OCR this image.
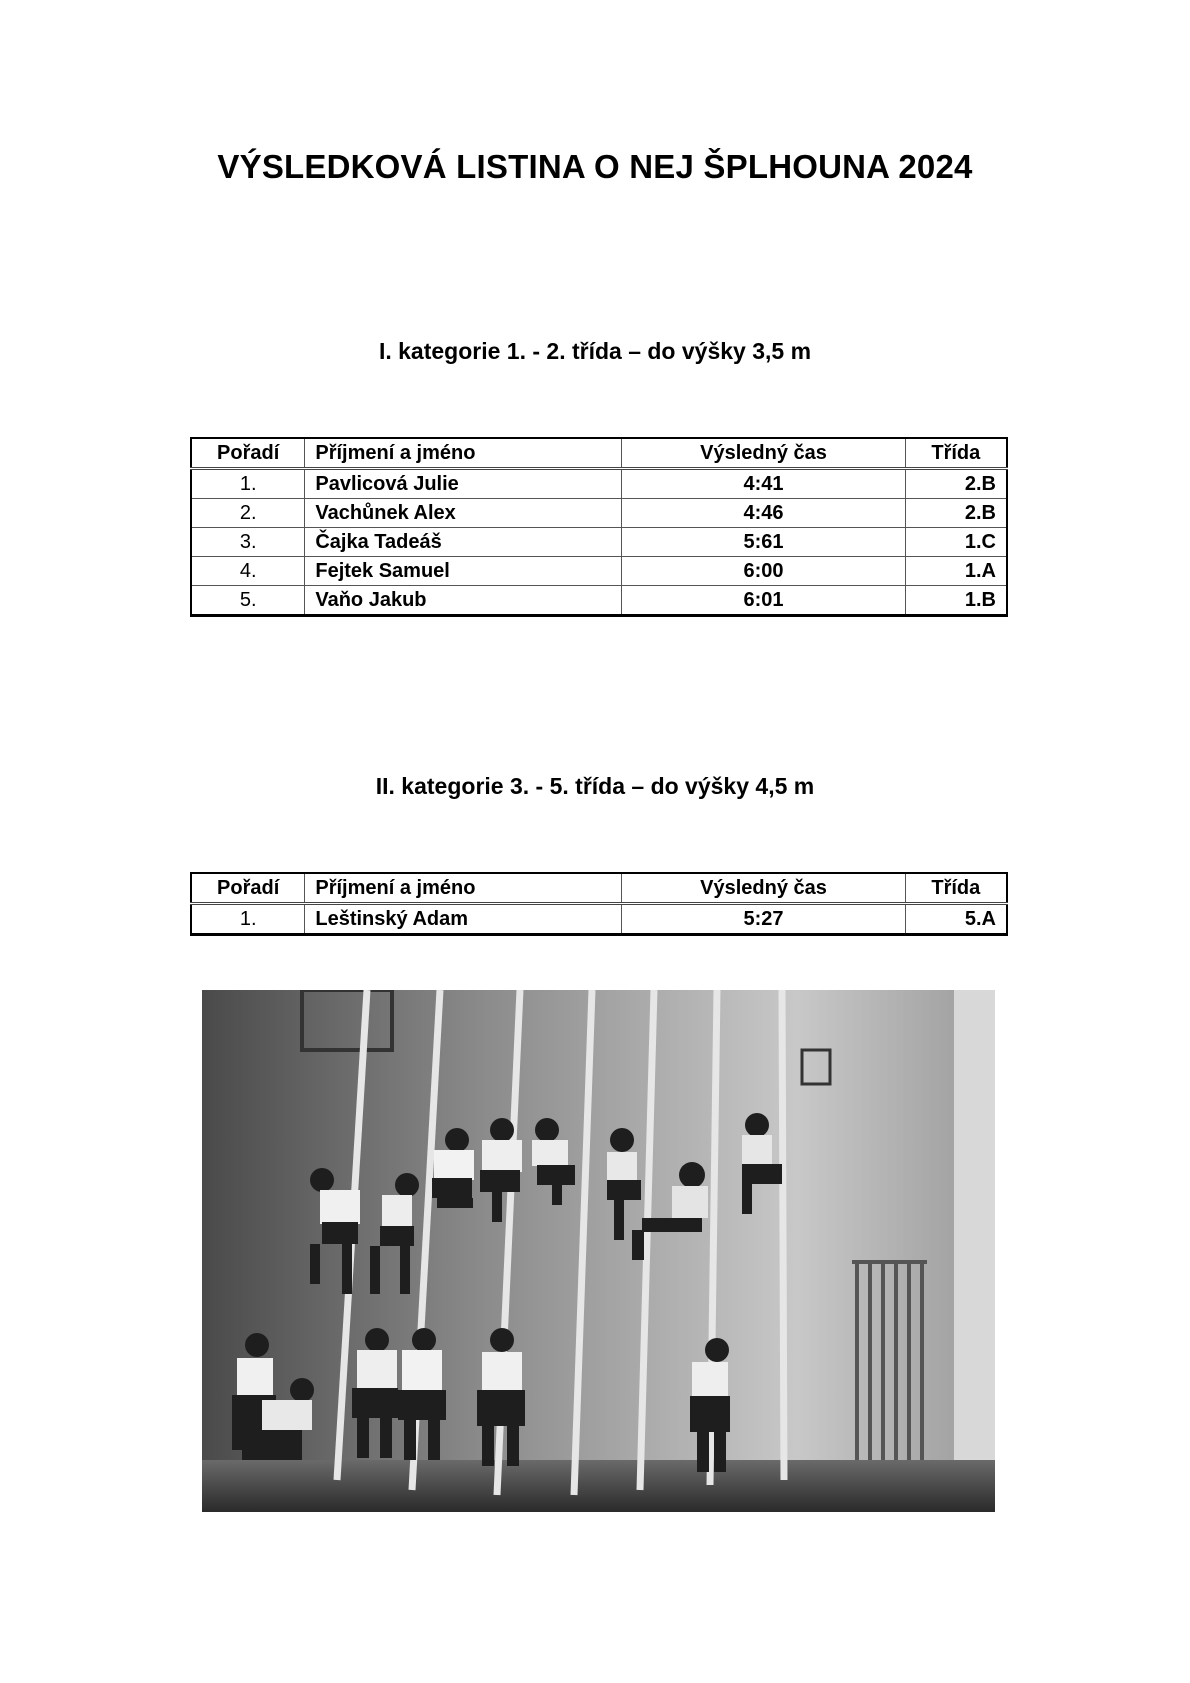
VÝSLEDKOVÁ LISTINA O NEJ ŠPLHOUNA 2024
I. kategorie 1. - 2. třída – do výšky 3,5 m
Pořadí	Příjmení a jméno	Výsledný čas	Třída
1.	Pavlicová Julie	4:41	2.B
2.	Vachůnek Alex	4:46	2.B
3.	Čajka Tadeáš	5:61	1.C
4.	Fejtek Samuel	6:00	1.A
5.	Vaňo Jakub	6:01	1.B
II. kategorie 3. - 5. třída – do výšky 4,5 m
Pořadí	Příjmení a jméno	Výsledný čas	Třída
1.	Leštinský Adam	5:27	5.A
